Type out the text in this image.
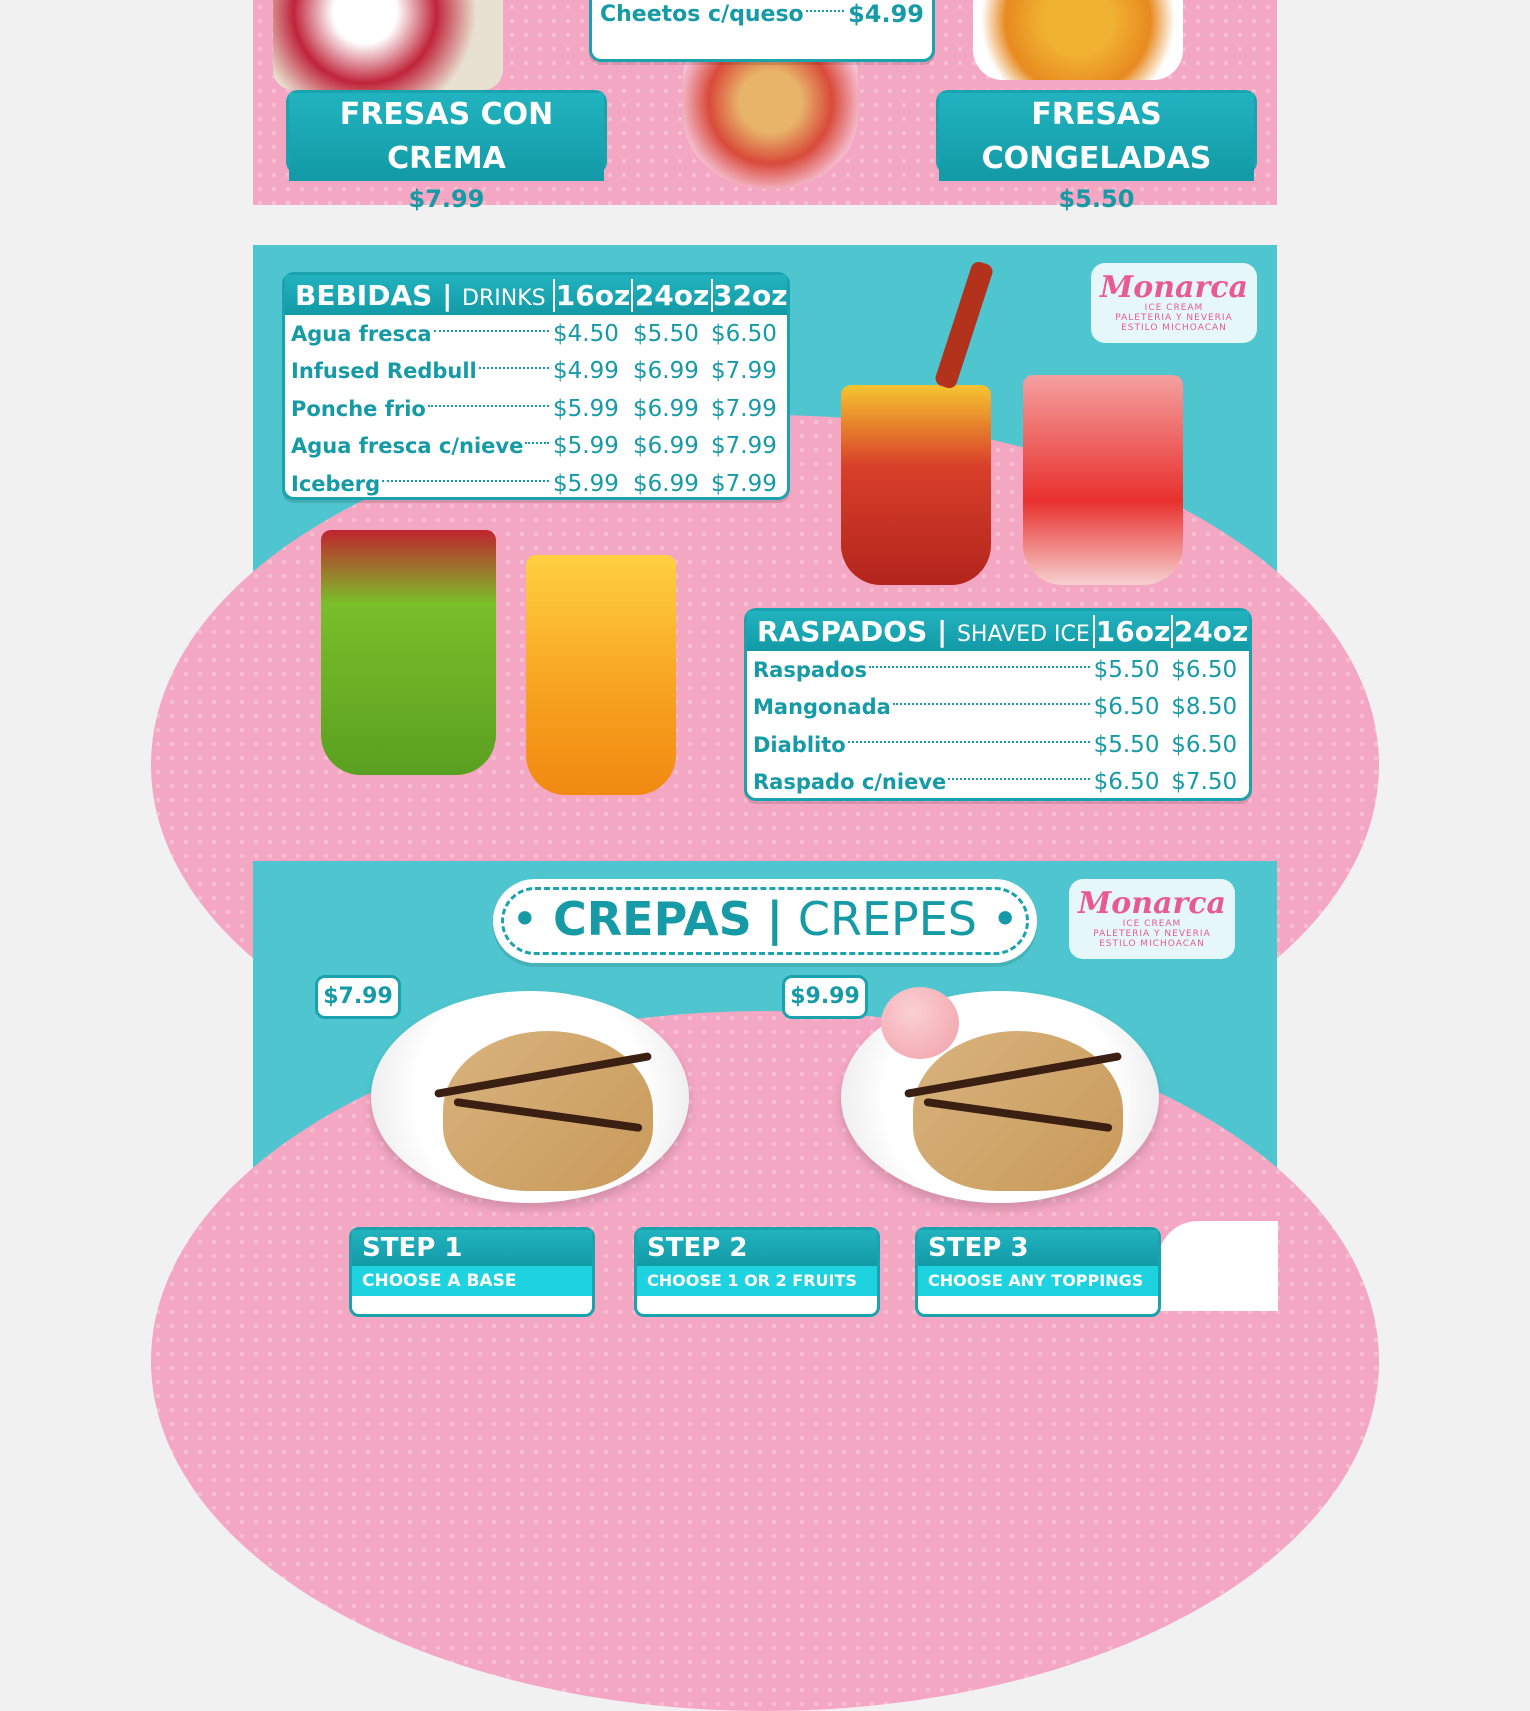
Cheetos c/queso $4.99
FRESAS CON CREMA
$7.99
FRESAS CONGELADAS
$5.50
Monarca
ICE CREAM
PALETERIA Y NEVERIA
ESTILO MICHOACAN
BEBIDAS | DRINKS 16oz 24oz 32oz
Agua fresca	$4.50 $5.50 $6.50
Infused Redbull	$4.99 $6.99 $7.99
Ponche frio	$5.99 $6.99 $7.99
Agua fresca c/nieve $5.99 $6.99 $7.99
Iceberg	$5.99 $6.99 $7.99
RASPADOS | SHAVED ICE 16oz 24oz
Raspados	$5.50 $6.50
Mangonada	$6.50 $8.50
Diablito	$5.50 $6.50
Raspado c/nieve	$6.50 $7.50
• CREPAS | CREPES •	Monarca
ICE CREAM
PALETERIA Y NEVERIA
ESTILO MICHOACAN
$7.99	$9.99
STEP 1
CHOOSE A BASE
STEP 2
CHOOSE 1 OR 2 FRUITS
STEP 3
CHOOSE ANY TOPPINGS
